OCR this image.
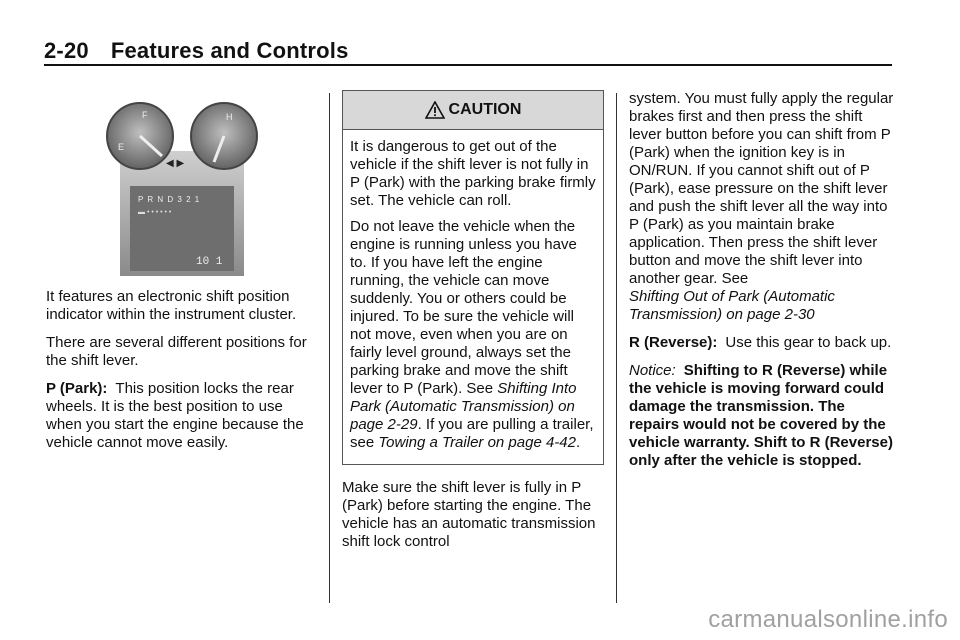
2-20 Features and Controls
F
E
H
◀ ▶
P R N D 3 2 1
▬ • • • • • •
10 1

It features an electronic shift position indicator within the instrument cluster.

There are several different positions for the shift lever.

P (Park): This position locks the rear wheels. It is the best position to use when you start the engine because the vehicle cannot move easily.

CAUTION

It is dangerous to get out of the vehicle if the shift lever is not fully in P (Park) with the parking brake firmly set. The vehicle can roll.

Do not leave the vehicle when the engine is running unless you have to. If you have left the engine running, the vehicle can move suddenly. You or others could be injured. To be sure the vehicle will not move, even when you are on fairly level ground, always set the parking brake and move the shift lever to P (Park). See Shifting Into Park (Automatic Transmission) on page 2-29. If you are pulling a trailer, see Towing a Trailer on page 4-42.

Make sure the shift lever is fully in P (Park) before starting the engine. The vehicle has an automatic transmission shift lock control

system. You must fully apply the regular brakes first and then press the shift lever button before you can shift from P (Park) when the ignition key is in ON/RUN. If you cannot shift out of P (Park), ease pressure on the shift lever and push the shift lever all the way into P (Park) as you maintain brake application. Then press the shift lever button and move the shift lever into another gear. See
Shifting Out of Park (Automatic Transmission) on page 2-30

R (Reverse): Use this gear to back up.

Notice: Shifting to R (Reverse) while the vehicle is moving forward could damage the transmission. The repairs would not be covered by the vehicle warranty. Shift to R (Reverse) only after the vehicle is stopped.

carmanualsonline.info
